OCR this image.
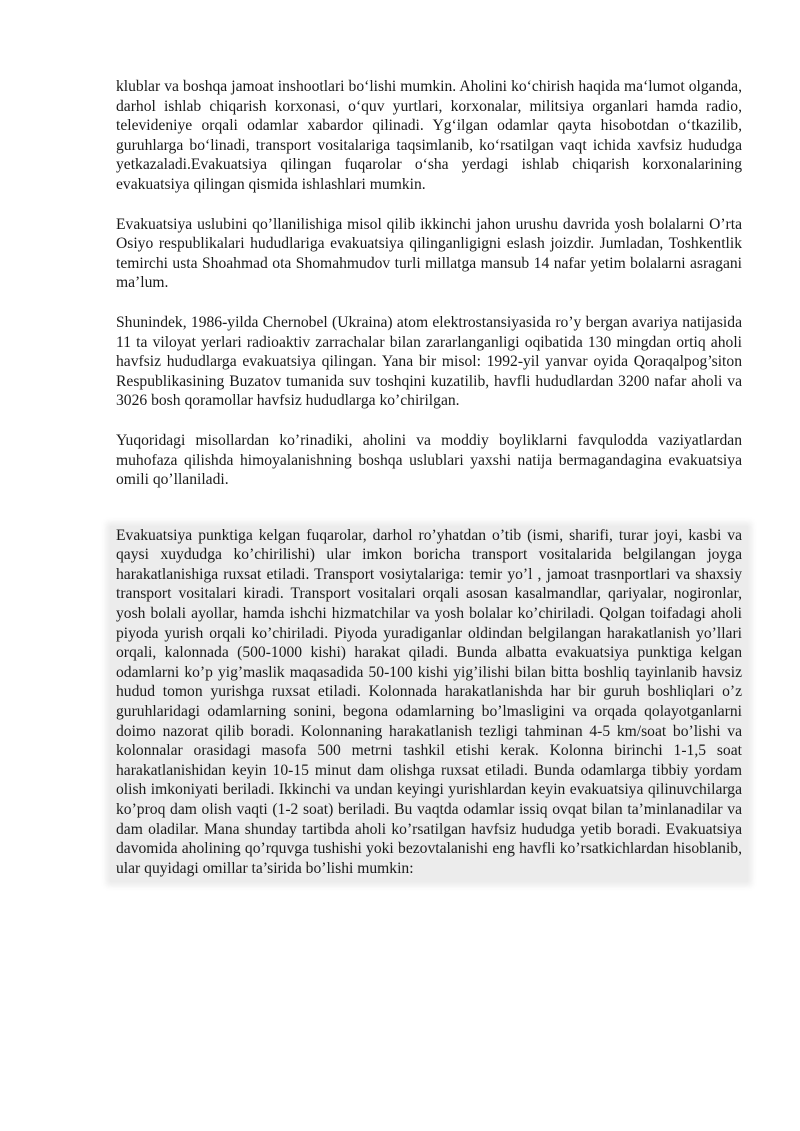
klublar va boshqa jamoat inshootlari bo‘lishi mumkin. Aholini ko‘chirish haqida ma‘lumot olganda, darhol ishlab chiqarish korxonasi, o‘quv yurtlari, korxonalar, militsiya organlari hamda radio, televideniye orqali odamlar xabardor qilinadi. Yg‘ilgan odamlar qayta hisobotdan o‘tkazilib, guruhlarga bo‘linadi, transport vositalariga taqsimlanib, ko‘rsatilgan vaqt ichida xavfsiz hududga yetkazaladi.Evakuatsiya qilingan fuqarolar o‘sha yerdagi ishlab chiqarish korxonalarining evakuatsiya qilingan qismida ishlashlari mumkin.

Evakuatsiya uslubini qo’llanilishiga misol qilib ikkinchi jahon urushu davrida yosh bolalarni O’rta Osiyo respublikalari hududlariga evakuatsiya qilinganligigni eslash joizdir. Jumladan, Toshkentlik temirchi usta Shoahmad ota Shomahmudov turli millatga mansub 14 nafar yetim bolalarni asragani ma’lum.

Shunindek, 1986-yilda Chernobel (Ukraina) atom elektrostansiyasida ro’y bergan avariya natijasida 11 ta viloyat yerlari radioaktiv zarrachalar bilan zararlanganligi oqibatida 130 mingdan ortiq aholi havfsiz hududlarga evakuatsiya qilingan. Yana bir misol: 1992-yil yanvar oyida Qoraqalpog’siton Respublikasining Buzatov tumanida suv toshqini kuzatilib, havfli hududlardan 3200 nafar aholi va 3026 bosh qoramollar havfsiz hududlarga ko’chirilgan.

Yuqoridagi misollardan ko’rinadiki, aholini va moddiy boyliklarni favqulodda vaziyatlardan muhofaza qilishda himoyalanishning boshqa uslublari yaxshi natija bermagandagina evakuatsiya omili qo’llaniladi.

Evakuatsiya punktiga kelgan fuqarolar, darhol ro’yhatdan o’tib (ismi, sharifi, turar joyi, kasbi va qaysi xuydudga ko’chirilishi) ular imkon boricha transport vositalarida belgilangan joyga harakatlanishiga ruxsat etiladi. Transport vosiytalariga: temir yo’l , jamoat trasnportlari va shaxsiy transport vositalari kiradi. Transport vositalari orqali asosan kasalmandlar, qariyalar, nogironlar, yosh bolali ayollar, hamda ishchi hizmatchilar va yosh bolalar ko’chiriladi. Qolgan toifadagi aholi piyoda yurish orqali ko’chiriladi. Piyoda yuradiganlar oldindan belgilangan harakatlanish yo’llari orqali, kalonnada (500-1000 kishi) harakat qiladi. Bunda albatta evakuatsiya punktiga kelgan odamlarni ko’p yig’maslik maqasadida 50-100 kishi yig’ilishi bilan bitta boshliq tayinlanib havsiz hudud tomon yurishga ruxsat etiladi. Kolonnada harakatlanishda har bir guruh boshliqlari o’z guruhlaridagi odamlarning sonini, begona odamlarning bo’lmasligini va orqada qolayotganlarni doimo nazorat qilib boradi. Kolonnaning harakatlanish tezligi tahminan 4-5 km/soat bo’lishi va kolonnalar orasidagi masofa 500 metrni tashkil etishi kerak. Kolonna birinchi 1-1,5 soat harakatlanishidan keyin 10-15 minut dam olishga ruxsat etiladi. Bunda odamlarga tibbiy yordam olish imkoniyati beriladi. Ikkinchi va undan keyingi yurishlardan keyin evakuatsiya qilinuvchilarga ko’proq dam olish vaqti (1-2 soat) beriladi. Bu vaqtda odamlar issiq ovqat bilan ta’minlanadilar va dam oladilar. Mana shunday tartibda aholi ko’rsatilgan havfsiz hududga yetib boradi. Evakuatsiya davomida aholining qo’rquvga tushishi yoki bezovtalanishi eng havfli ko’rsatkichlardan hisoblanib, ular quyidagi omillar ta’sirida bo’lishi mumkin:
